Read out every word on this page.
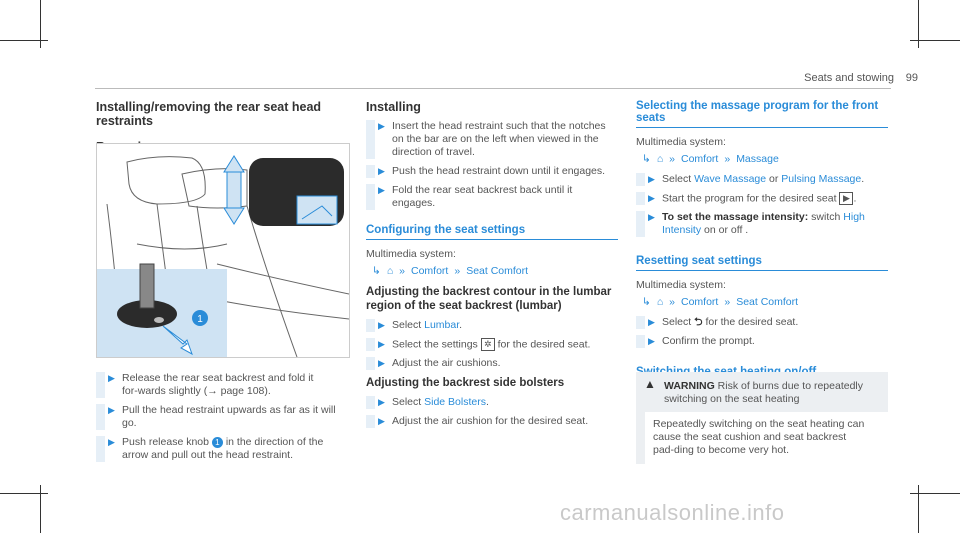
Seats and stowing 99
Installing/removing the rear seat head restraints
1
▶ Release the rear seat backrest and fold it for‑wards slightly (→ page 108).
▶ Pull the head restraint upwards as far as it will go.
▶ Push release knob 1 in the direction of the arrow and pull out the head restraint.
Installing
▶ Insert the head restraint such that the notches on the bar are on the left when viewed in the direction of travel.
▶ Push the head restraint down until it engages.
▶ Fold the rear seat backrest back until it engages.
Configuring the seat settings
Multimedia system:
↳ ⌂ » Comfort » Seat Comfort
Adjusting the backrest contour in the lumbar region of the seat backrest (lumbar)
▶ Select Lumbar.
▶ Select the settings ✲ for the desired seat.
▶ Adjust the air cushions.
Adjusting the backrest side bolsters
▶ Select Side Bolsters.
▶ Adjust the air cushion for the desired seat.
Selecting the massage program for the front seats
Multimedia system:
↳ ⌂ » Comfort » Massage
▶ Select Wave Massage or Pulsing Massage.
▶ Start the program for the desired seat ▶ .
▶ To set the massage intensity: switch High Intensity on or off .
Resetting seat settings
Multimedia system:
↳ ⌂ » Comfort » Seat Comfort
▶ Select ⮌ for the desired seat.
▶ Confirm the prompt.
▲ WARNING Risk of burns due to repeatedly switching on the seat heating
Repeatedly switching on the seat heating can cause the seat cushion and seat backrest pad‑ding to become very hot.
carmanualsonline.info
